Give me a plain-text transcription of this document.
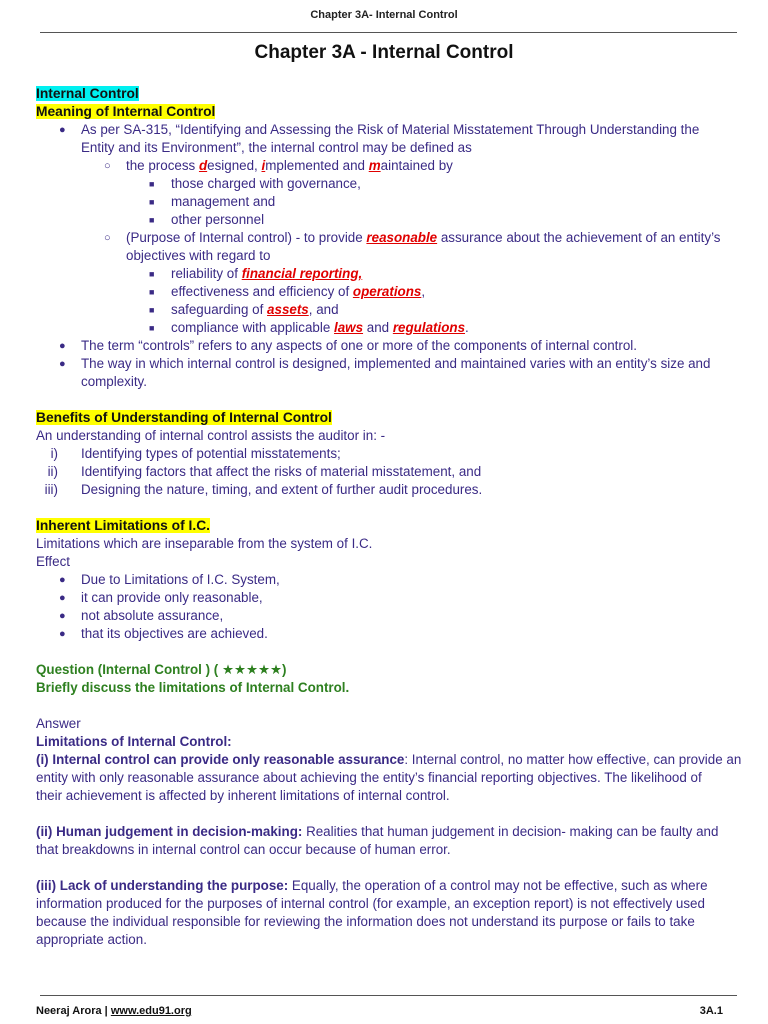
Chapter 3A- Internal Control
Chapter 3A - Internal Control

Internal Control

Meaning of Internal Control

● As per SA-315, “Identifying and Assessing the Risk of Material Misstatement Through Understanding the

Entity and its Environment”, the internal control may be defined as

○ the process designed, implemented and maintained by

■ those charged with governance,

■ management and

■ other personnel

○ (Purpose of Internal control) - to provide reasonable assurance about the achievement of an entity’s

objectives with regard to

■ reliability of financial reporting,

■ effectiveness and efficiency of operations,

■ safeguarding of assets, and

■ compliance with applicable laws and regulations.

● The term “controls” refers to any aspects of one or more of the components of internal control.

● The way in which internal control is designed, implemented and maintained varies with an entity’s size and

complexity.

Benefits of Understanding of Internal Control

An understanding of internal control assists the auditor in: -

i) Identifying types of potential misstatements;

ii) Identifying factors that affect the risks of material misstatement, and

iii) Designing the nature, timing, and extent of further audit procedures.

Inherent Limitations of I.C.

Limitations which are inseparable from the system of I.C.

Effect

● Due to Limitations of I.C. System,

● it can provide only reasonable,

● not absolute assurance,

● that its objectives are achieved.

Question (Internal Control ) ( ★★★★★)

Briefly discuss the limitations of Internal Control.

Answer

Limitations of Internal Control:

(i) Internal control can provide only reasonable assurance: Internal control, no matter how effective, can provide an

entity with only reasonable assurance about achieving the entity’s financial reporting objectives. The likelihood of

their achievement is affected by inherent limitations of internal control.

(ii) Human judgement in decision-making: Realities that human judgement in decision- making can be faulty and

that breakdowns in internal control can occur because of human error.

(iii) Lack of understanding the purpose: Equally, the operation of a control may not be effective, such as where

information produced for the purposes of internal control (for example, an exception report) is not effectively used

because the individual responsible for reviewing the information does not understand its purpose or fails to take

appropriate action.

Neeraj Arora | www.edu91.org	3A.1
